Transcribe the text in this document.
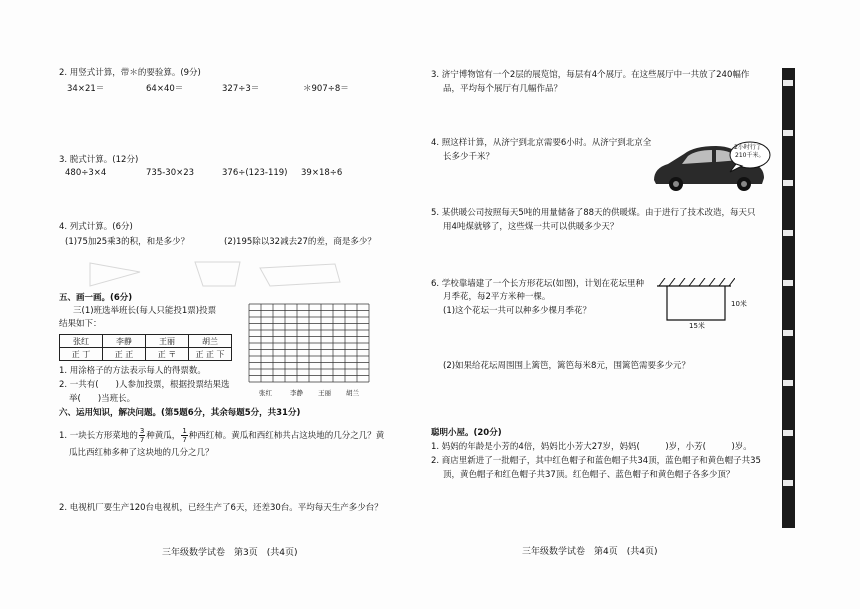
2. 用竖式计算，带＊的要验算。(9分)
34×21＝	64×40＝	327÷3＝	＊907÷8＝
3. 脱式计算。(12分)
480÷3×4	735-30×23	376÷(123-119) 39×18÷6
4. 列式计算。(6分)
(1)75加25乘3的积，和是多少？	(2)195除以32减去27的差，商是多少？
五、画一画。(6分)
三(1)班选举班长(每人只能投1票)投票
结果如下：
张红	李静	王丽	胡兰
正 丁	正 正	正 〒	正 正 下
1. 用涂格子的方法表示每人的得票数。
2. 一共有(　　)人参加投票，根据投票结果选
举(　　)当班长。
张红	李静 王丽 胡兰
六、运用知识，解决问题。(第5题6分，其余每题5分，共31分)
1. 一块长方形菜地的 $\frac{3}{7}$ 种黄瓜， $\frac{1}{7}$ 种西红柿。黄瓜和西红柿共占这块地的几分之几？黄
瓜比西红柿多种了这块地的几分之几？
2. 电视机厂要生产120台电视机，已经生产了6天，还差30台。平均每天生产多少台？
三年级数学试卷　第3页　(共4页)
3. 济宁博物馆有一个2层的展览馆，每层有4个展厅。在这些展厅中一共放了240幅作
品，平均每个展厅有几幅作品？
4. 照这样计算，从济宁到北京需要6小时。从济宁到北京全
长多少千米？
2小时行了
210千米。
5. 某供暖公司按照每天5吨的用量储备了88天的供暖煤。由于进行了技术改造，每天只
用4吨煤就够了，这些煤一共可以供暖多少天？
6. 学校靠墙建了一个长方形花坛(如图)，计划在花坛里种
月季花，每2平方米种一棵。
(1)这个花坛一共可以种多少棵月季花？
10米
15米
(2)如果给花坛周围围上篱笆，篱笆每米8元，围篱笆需要多少元？
聪明小屋。(20分)
1. 妈妈的年龄是小芳的4倍，妈妈比小芳大27岁，妈妈(　　　)岁，小芳(　　　)岁。
2. 商店里新进了一批帽子，其中红色帽子和蓝色帽子共34顶，蓝色帽子和黄色帽子共35
顶，黄色帽子和红色帽子共37顶。红色帽子、蓝色帽子和黄色帽子各多少顶？
三年级数学试卷　第4页　(共4页)
